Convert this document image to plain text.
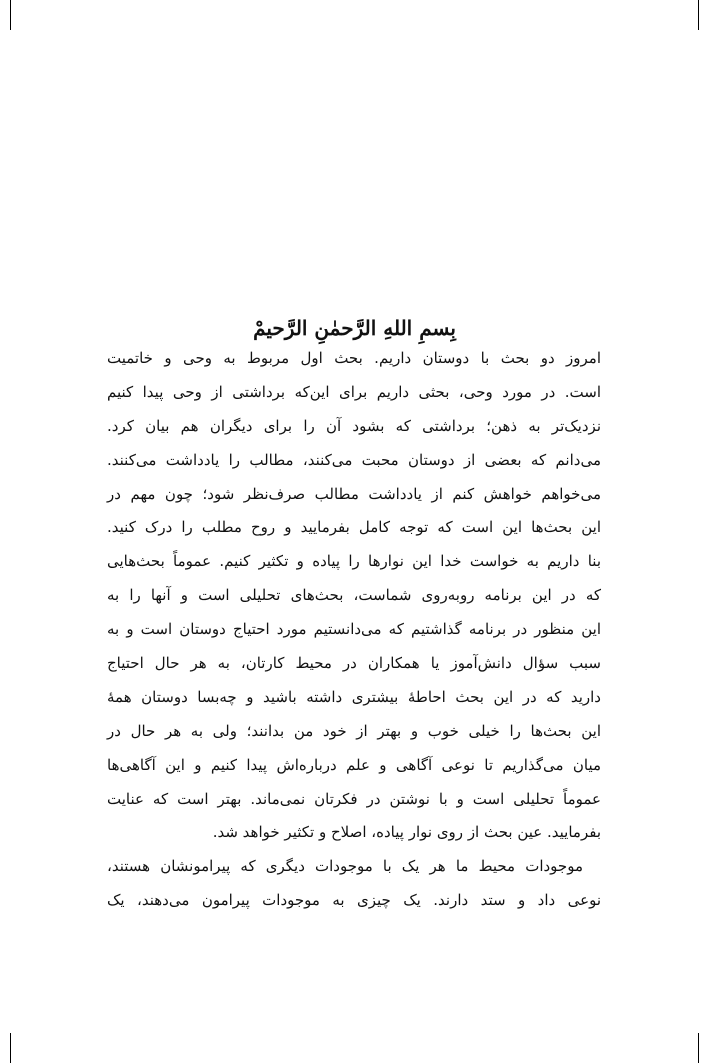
بِسمِ اللهِ الرَّحمٰنِ الرَّحیمْ
امروز دو بحث با دوستان داریم. بحث اول مربوط به وحی و خاتمیت
است. در مورد وحی، بحثی داریم برای این‌که برداشتی از وحی پیدا کنیم
نزدیک‌تر به ذهن؛ برداشتی که بشود آن را برای دیگران هم بیان کرد.
می‌دانم که بعضی از دوستان محبت می‌کنند، مطالب را یادداشت می‌کنند.
می‌خواهم خواهش کنم از یادداشت مطالب صرف‌نظر شود؛ چون مهم در
این بحث‌ها این است که توجه کامل بفرمایید و روح مطلب را درک کنید.
بنا داریم به خواست خدا این نوارها را پیاده و تکثیر کنیم. عموماً بحث‌هایی
که در این برنامه روبه‌روی شماست، بحث‌های تحلیلی است و آنها را به
این منظور در برنامه گذاشتیم که می‌دانستیم مورد احتیاج دوستان است و به
سبب سؤال دانش‌آموز یا همکاران در محیط کارتان، به هر حال احتیاج
دارید که در این بحث احاطهٔ بیشتری داشته باشید و چه‌بسا دوستان همهٔ
این بحث‌ها را خیلی خوب و بهتر از خود من بدانند؛ ولی به هر حال در
میان می‌گذاریم تا نوعی آگاهی و علم درباره‌اش پیدا کنیم و این آگاهی‌ها
عموماً تحلیلی است و با نوشتن در فکرتان نمی‌ماند. بهتر است که عنایت
بفرمایید. عین بحث از روی نوار پیاده، اصلاح و تکثیر خواهد شد.
موجودات محیط ما هر یک با موجودات دیگری که پیرامونشان هستند،
نوعی داد و ستد دارند. یک چیزی به موجودات پیرامون می‌دهند، یک
